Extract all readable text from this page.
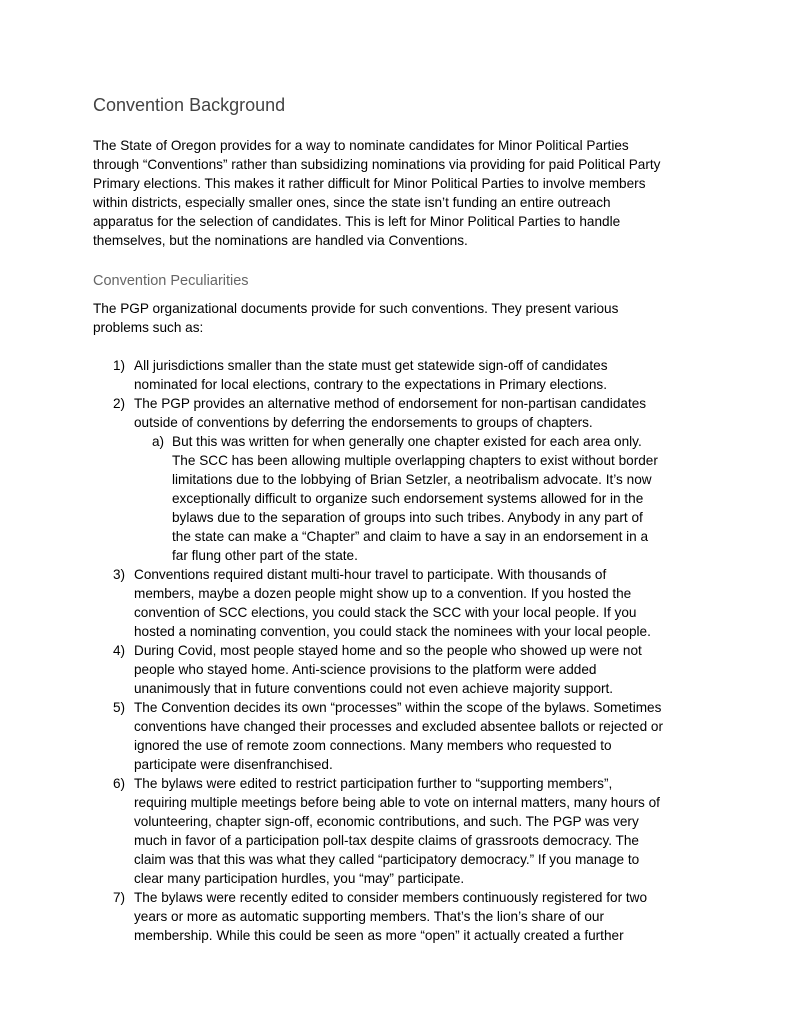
Convention Background
The State of Oregon provides for a way to nominate candidates for Minor Political Parties
through “Conventions” rather than subsidizing nominations via providing for paid Political Party
Primary elections. This makes it rather difficult for Minor Political Parties to involve members
within districts, especially smaller ones, since the state isn’t funding an entire outreach
apparatus for the selection of candidates. This is left for Minor Political Parties to handle
themselves, but the nominations are handled via Conventions.
Convention Peculiarities
The PGP organizational documents provide for such conventions. They present various
problems such as:
1) All jurisdictions smaller than the state must get statewide sign-off of candidates
nominated for local elections, contrary to the expectations in Primary elections.
2) The PGP provides an alternative method of endorsement for non-partisan candidates
outside of conventions by deferring the endorsements to groups of chapters.
a) But this was written for when generally one chapter existed for each area only.
The SCC has been allowing multiple overlapping chapters to exist without border
limitations due to the lobbying of Brian Setzler, a neotribalism advocate. It’s now
exceptionally difficult to organize such endorsement systems allowed for in the
bylaws due to the separation of groups into such tribes. Anybody in any part of
the state can make a “Chapter” and claim to have a say in an endorsement in a
far flung other part of the state.
3) Conventions required distant multi-hour travel to participate. With thousands of
members, maybe a dozen people might show up to a convention. If you hosted the
convention of SCC elections, you could stack the SCC with your local people. If you
hosted a nominating convention, you could stack the nominees with your local people.
4) During Covid, most people stayed home and so the people who showed up were not
people who stayed home. Anti-science provisions to the platform were added
unanimously that in future conventions could not even achieve majority support.
5) The Convention decides its own “processes” within the scope of the bylaws. Sometimes
conventions have changed their processes and excluded absentee ballots or rejected or
ignored the use of remote zoom connections. Many members who requested to
participate were disenfranchised.
6) The bylaws were edited to restrict participation further to “supporting members”,
requiring multiple meetings before being able to vote on internal matters, many hours of
volunteering, chapter sign-off, economic contributions, and such. The PGP was very
much in favor of a participation poll-tax despite claims of grassroots democracy. The
claim was that this was what they called “participatory democracy.” If you manage to
clear many participation hurdles, you “may” participate.
7) The bylaws were recently edited to consider members continuously registered for two
years or more as automatic supporting members. That’s the lion’s share of our
membership. While this could be seen as more “open” it actually created a further
